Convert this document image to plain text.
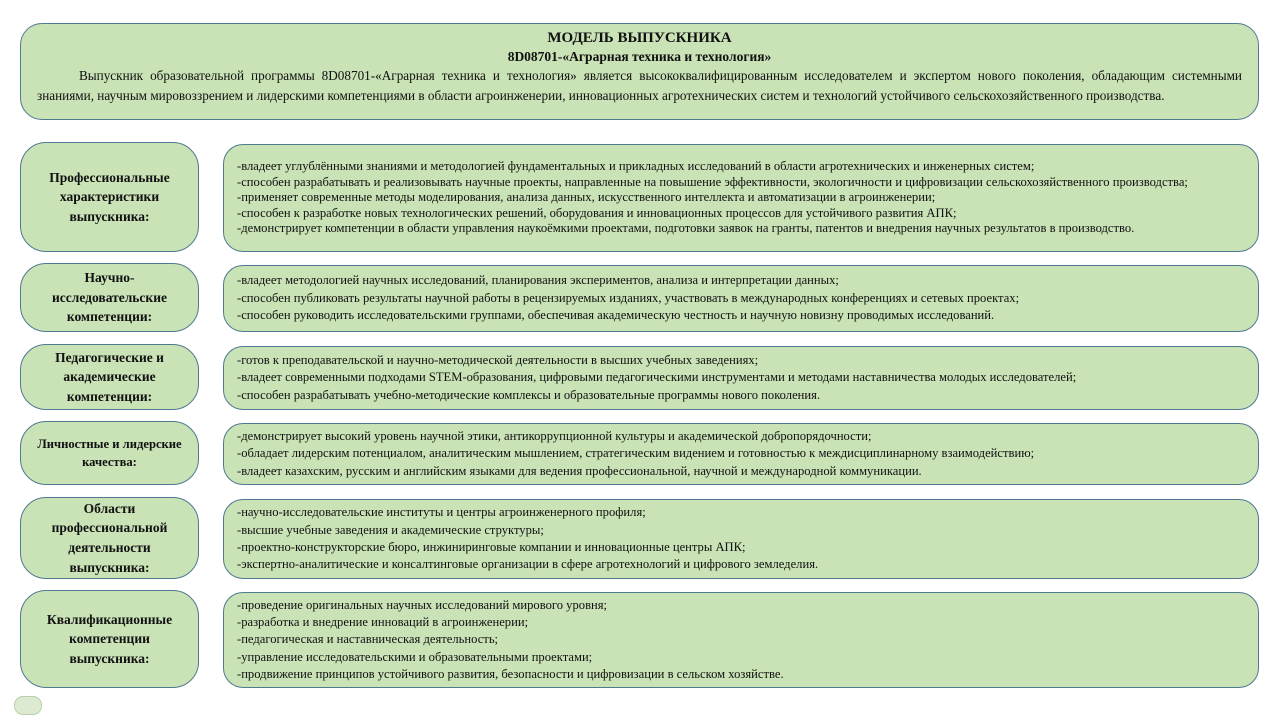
МОДЕЛЬ ВЫПУСКНИКА
8D08701-«Аграрная техника и технология»
Выпускник образовательной программы 8D08701-«Аграрная техника и технология» является высококвалифицированным исследователем и экспертом нового поколения, обладающим системными знаниями, научным мировоззрением и лидерскими компетенциями в области агроинженерии, инновационных агротехнических систем и технологий устойчивого сельскохозяйственного производства.
Профессиональные характеристики выпускника:

-владеет углублёнными знаниями и методологией фундаментальных и прикладных исследований в области агротехнических и инженерных систем;

-способен разрабатывать и реализовывать научные проекты, направленные на повышение эффективности, экологичности и цифровизации сельскохозяйственного производства;

-применяет современные методы моделирования, анализа данных, искусственного интеллекта и автоматизации в агроинженерии;

-способен к разработке новых технологических решений, оборудования и инновационных процессов для устойчивого развития АПК;

-демонстрирует компетенции в области управления наукоёмкими проектами, подготовки заявок на гранты, патентов и внедрения научных результатов в производство.

Научно-исследовательские компетенции:

-владеет методологией научных исследований, планирования экспериментов, анализа и интерпретации данных;

-способен публиковать результаты научной работы в рецензируемых изданиях, участвовать в международных конференциях и сетевых проектах;

-способен руководить исследовательскими группами, обеспечивая академическую честность и научную новизну проводимых исследований.

Педагогические и академические компетенции:

-готов к преподавательской и научно-методической деятельности в высших учебных заведениях;

-владеет современными подходами STEM-образования, цифровыми педагогическими инструментами и методами наставничества молодых исследователей;

-способен разрабатывать учебно-методические комплексы и образовательные программы нового поколения.

Личностные и лидерские качества:

-демонстрирует высокий уровень научной этики, антикоррупционной культуры и академической добропорядочности;

-обладает лидерским потенциалом, аналитическим мышлением, стратегическим видением и готовностью к междисциплинарному взаимодействию;

-владеет казахским, русским и английским языками для ведения профессиональной, научной и международной коммуникации.

Области профессиональной деятельности выпускника:

-научно-исследовательские институты и центры агроинженерного профиля;

-высшие учебные заведения и академические структуры;

-проектно-конструкторские бюро, инжиниринговые компании и инновационные центры АПК;

-экспертно-аналитические и консалтинговые организации в сфере агротехнологий и цифрового земледелия.

Квалификационные компетенции выпускника:

-проведение оригинальных научных исследований мирового уровня;

-разработка и внедрение инноваций в агроинженерии;

-педагогическая и наставническая деятельность;

-управление исследовательскими и образовательными проектами;

-продвижение принципов устойчивого развития, безопасности и цифровизации в сельском хозяйстве.
